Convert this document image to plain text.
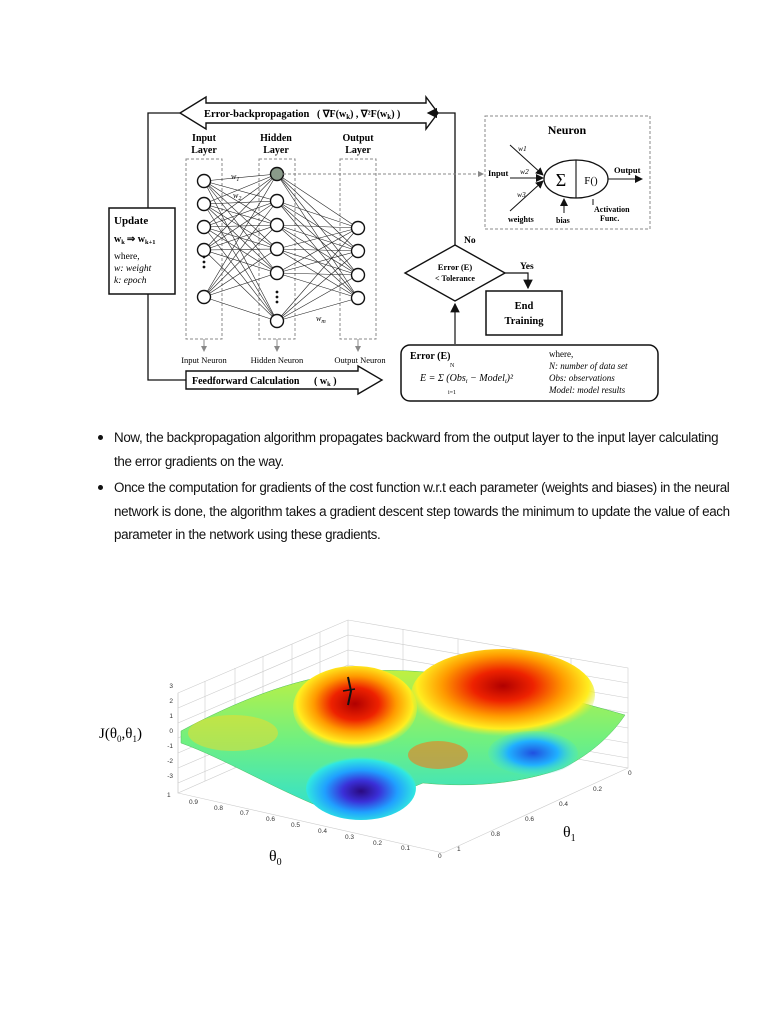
Error-backpropagation ( $\nabla F(w_k)$ , $\nabla^2F(w_k)$ )
Update
$w_k$ ⇒ $w_{k+1}$
where,
w: weight
k: epoch
Input
Layer
Hidden
Layer
Output
Layer
$w_1$
$w_2$
$w_m$
Input Neuron	Hidden Neuron	Output Neuron
Feedforward Calculation ( $w_k$ )
Neuron
Input
w1
w2
w3
weights
Σ F()
Output
bias
Activation
Func.
Error (E)
< Tolerance
No
Yes
End
Training
Error (E)
E = Σ (Obs$_i$ − Model$_i$)²
N
i=1
where,
N: number of data set
Obs: observations
Model: model results
Now, the backpropagation algorithm propagates backward from the output layer to the input layer calculating the error gradients on the way.
Once the computation for gradients of the cost function w.r.t each parameter (weights and biases) in the neural network is done, the algorithm takes a gradient descent step towards the minimum to update the value of each parameter in the network using these gradients.
$J(\theta_0,\theta_1)$
3
2
1
0
-1
-2
-3
1
0.9
0.8
0.7
0.6
0.5
0.4
0.3
0.2
0.1
0
0
0.2
0.4
0.6
0.8
1
$\theta_0$
$\theta_1$
